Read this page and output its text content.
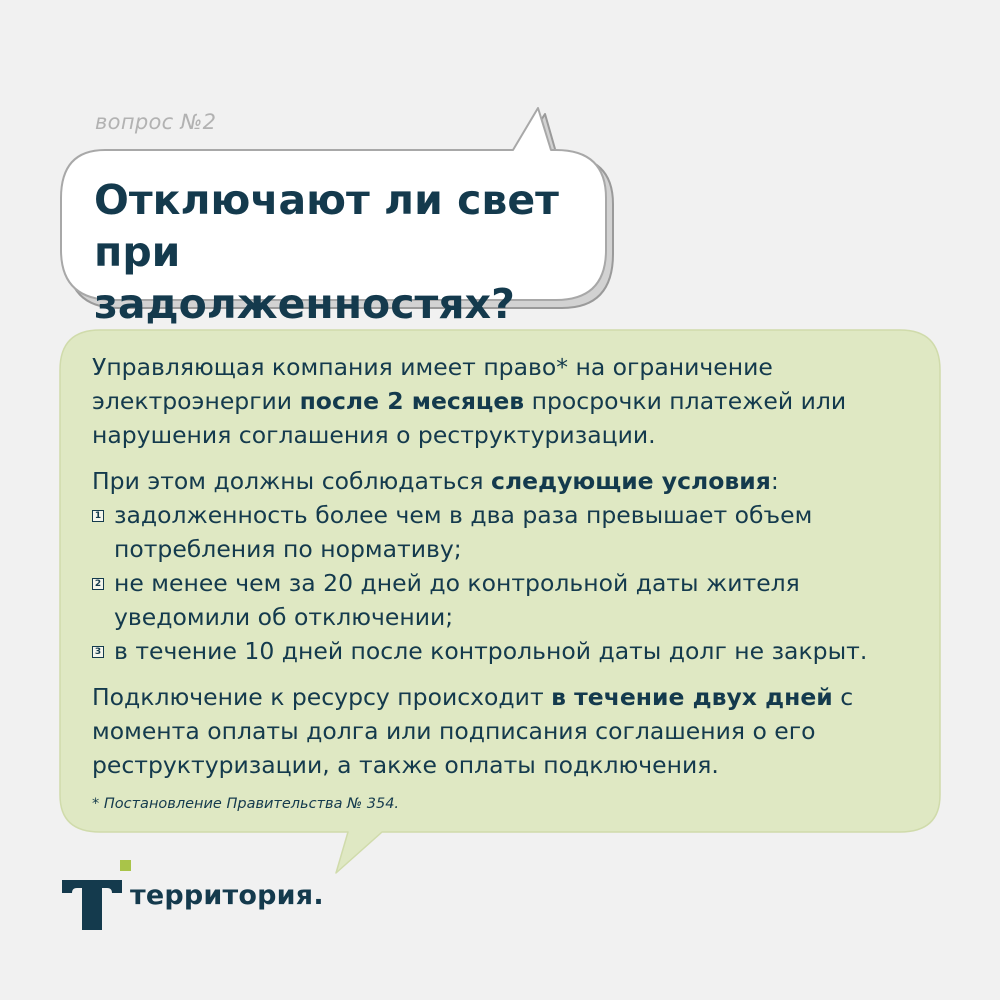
вопрос №2
Отключают ли свет
при задолженностях?

Управляющая компания имеет право* на ограничение электроэнергии после 2 месяцев просрочки платежей или нарушения соглашения о реструктуризации.

При этом должны соблюдаться следующие условия:

1 задолженность более чем в два раза превышает объем потребления по нормативу;
2 не менее чем за 20 дней до контрольной даты жителя уведомили об отключении;
3 в течение 10 дней после контрольной даты долг не закрыт.

Подключение к ресурсу происходит в течение двух дней с момента оплаты долга или подписания соглашения о его реструктуризации, а также оплаты подключения.

* Постановление Правительства № 354.
территория.
